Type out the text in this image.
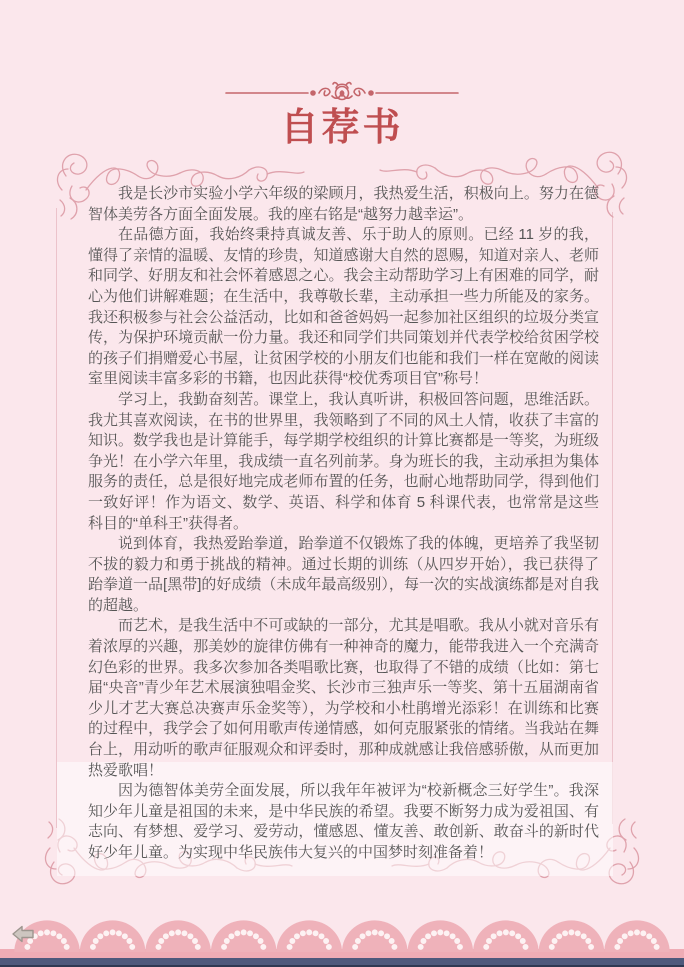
自荐书

我是长沙市实验小学六年级的梁顾月，我热爱生活，积极向上。努力在德智体美劳各方面全面发展。我的座右铭是“越努力越幸运”。

在品德方面，我始终秉持真诚友善、乐于助人的原则。已经 11 岁的我，懂得了亲情的温暖、友情的珍贵，知道感谢大自然的恩赐，知道对亲人、老师和同学、好朋友和社会怀着感恩之心。我会主动帮助学习上有困难的同学，耐心为他们讲解难题；在生活中，我尊敬长辈，主动承担一些力所能及的家务。我还积极参与社会公益活动，比如和爸爸妈妈一起参加社区组织的垃圾分类宣传，为保护环境贡献一份力量。我还和同学们共同策划并代表学校给贫困学校的孩子们捐赠爱心书屋，让贫困学校的小朋友们也能和我们一样在宽敞的阅读室里阅读丰富多彩的书籍，也因此获得“校优秀项目官”称号！

学习上，我勤奋刻苦。课堂上，我认真听讲，积极回答问题，思维活跃。我尤其喜欢阅读，在书的世界里，我领略到了不同的风土人情，收获了丰富的知识。数学我也是计算能手，每学期学校组织的计算比赛都是一等奖，为班级争光！在小学六年里，我成绩一直名列前茅。身为班长的我，主动承担为集体服务的责任，总是很好地完成老师布置的任务，也耐心地帮助同学，得到他们一致好评！作为语文、数学、英语、科学和体育 5 科课代表，也常常是这些科目的“单科王”获得者。

说到体育，我热爱跆拳道，跆拳道不仅锻炼了我的体魄，更培养了我坚韧不拔的毅力和勇于挑战的精神。通过长期的训练（从四岁开始），我已获得了跆拳道一品[黑带]的好成绩（未成年最高级别），每一次的实战演练都是对自我的超越。

而艺术，是我生活中不可或缺的一部分，尤其是唱歌。我从小就对音乐有着浓厚的兴趣，那美妙的旋律仿佛有一种神奇的魔力，能带我进入一个充满奇幻色彩的世界。我多次参加各类唱歌比赛，也取得了不错的成绩（比如：第七届“央音”青少年艺术展演独唱金奖、长沙市三独声乐一等奖、第十五届湖南省少儿才艺大赛总决赛声乐金奖等），为学校和小杜鹃增光添彩！在训练和比赛的过程中，我学会了如何用歌声传递情感，如何克服紧张的情绪。当我站在舞台上，用动听的歌声征服观众和评委时，那种成就感让我倍感骄傲，从而更加热爱歌唱！

因为德智体美劳全面发展，所以我年年被评为“校新概念三好学生”。我深知少年儿童是祖国的未来，是中华民族的希望。我要不断努力成为爱祖国、有志向、有梦想、爱学习、爱劳动，懂感恩、懂友善、敢创新、敢奋斗的新时代好少年儿童。为实现中华民族伟大复兴的中国梦时刻准备着！
